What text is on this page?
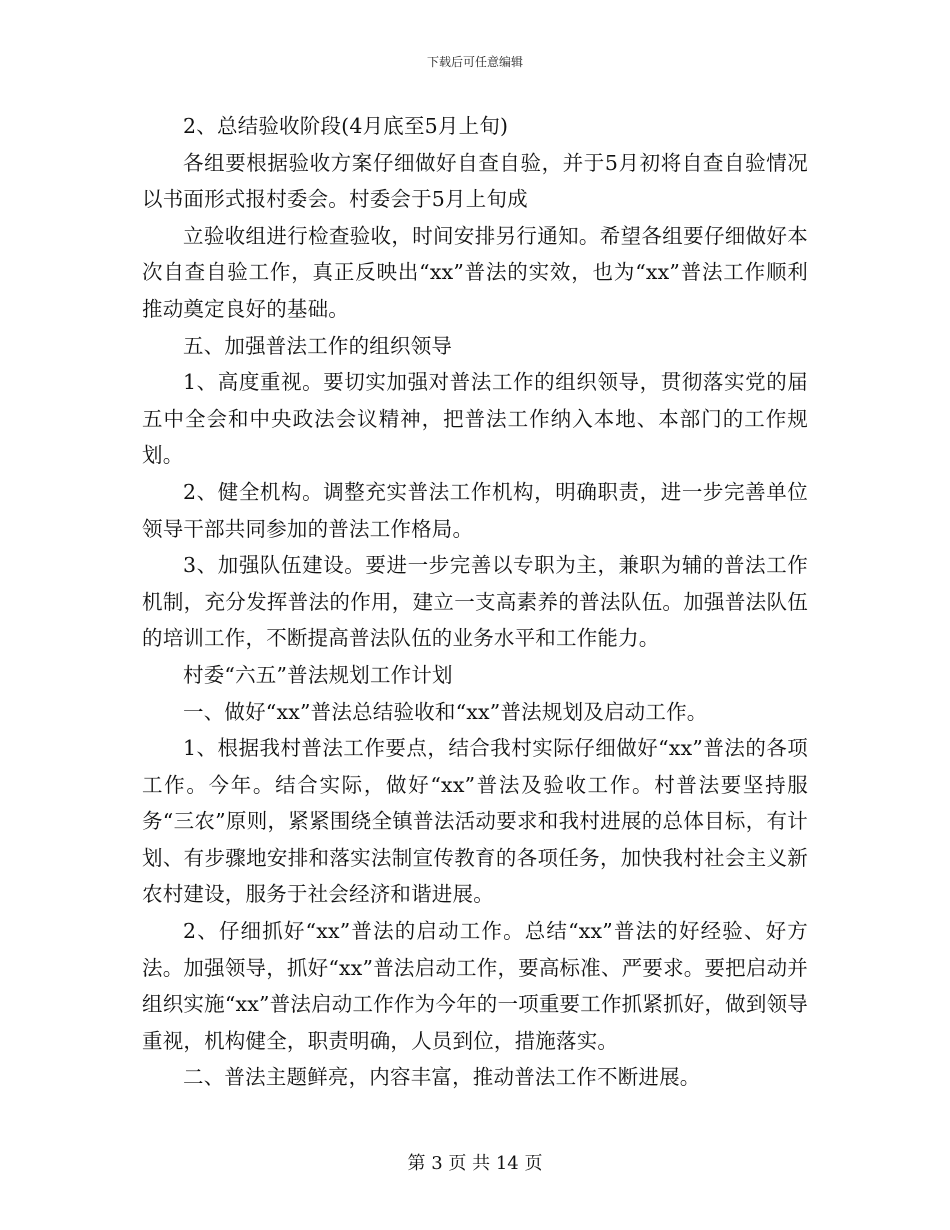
下载后可任意编辑

2、总结验收阶段(4月底至5月上旬)

各组要根据验收方案仔细做好自查自验，并于5月初将自查自验情况以书面形式报村委会。村委会于5月上旬成

立验收组进行检查验收，时间安排另行通知。希望各组要仔细做好本次自查自验工作，真正反映出“xx”普法的实效，也为“xx”普法工作顺利推动奠定良好的基础。

五、加强普法工作的组织领导

1、高度重视。要切实加强对普法工作的组织领导，贯彻落实党的届五中全会和中央政法会议精神，把普法工作纳入本地、本部门的工作规划。

2、健全机构。调整充实普法工作机构，明确职责，进一步完善单位领导干部共同参加的普法工作格局。

3、加强队伍建设。要进一步完善以专职为主，兼职为辅的普法工作机制，充分发挥普法的作用，建立一支高素养的普法队伍。加强普法队伍的培训工作，不断提高普法队伍的业务水平和工作能力。

村委“六五”普法规划工作计划

一、做好“xx”普法总结验收和“xx”普法规划及启动工作。

1、根据我村普法工作要点，结合我村实际仔细做好“xx”普法的各项工作。今年。结合实际，做好“xx”普法及验收工作。村普法要坚持服务“三农”原则，紧紧围绕全镇普法活动要求和我村进展的总体目标，有计划、有步骤地安排和落实法制宣传教育的各项任务，加快我村社会主义新农村建设，服务于社会经济和谐进展。

2、仔细抓好“xx”普法的启动工作。总结“xx”普法的好经验、好方法。加强领导，抓好“xx”普法启动工作，要高标准、严要求。要把启动并组织实施“xx”普法启动工作作为今年的一项重要工作抓紧抓好，做到领导重视，机构健全，职责明确，人员到位，措施落实。

二、普法主题鲜亮，内容丰富，推动普法工作不断进展。

第 3 页 共 14 页
